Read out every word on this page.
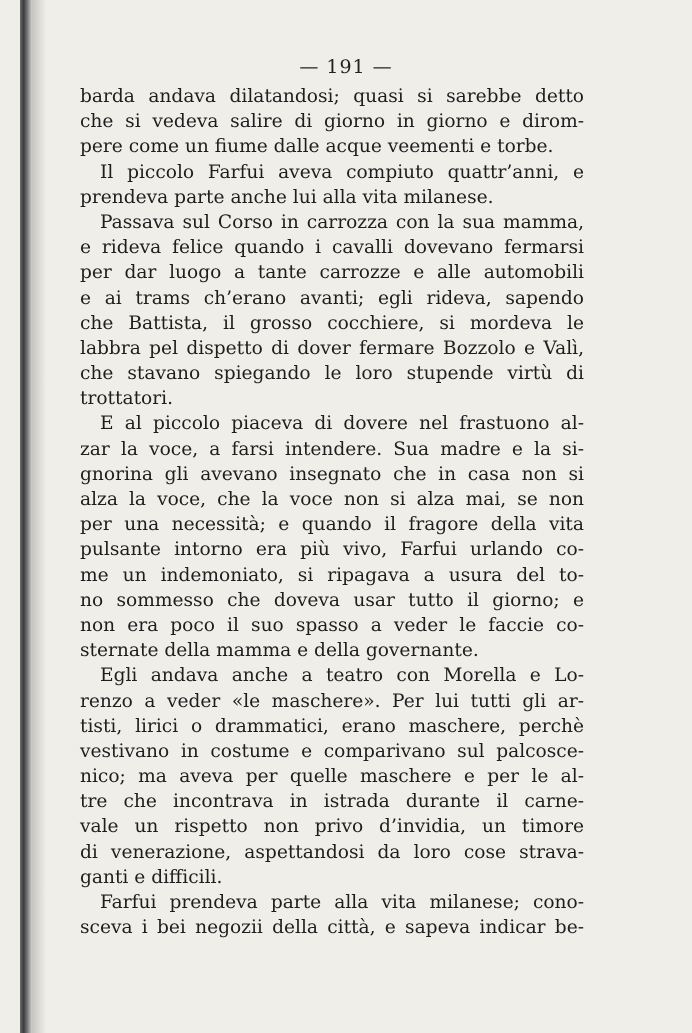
— 191 —
barda andava dilatandosi; quasi si sarebbe detto
che si vedeva salire di giorno in giorno e dirom-
pere come un fiume dalle acque veementi e torbe.
Il piccolo Farfui aveva compiuto quattr’anni, e
prendeva parte anche lui alla vita milanese.
Passava sul Corso in carrozza con la sua mamma,
e rideva felice quando i cavalli dovevano fermarsi
per dar luogo a tante carrozze e alle automobili
e ai trams ch’erano avanti; egli rideva, sapendo
che Battista, il grosso cocchiere, si mordeva le
labbra pel dispetto di dover fermare Bozzolo e Valì,
che stavano spiegando le loro stupende virtù di
trottatori.
E al piccolo piaceva di dovere nel frastuono al-
zar la voce, a farsi intendere. Sua madre e la si-
gnorina gli avevano insegnato che in casa non si
alza la voce, che la voce non si alza mai, se non
per una necessità; e quando il fragore della vita
pulsante intorno era più vivo, Farfui urlando co-
me un indemoniato, si ripagava a usura del to-
no sommesso che doveva usar tutto il giorno; e
non era poco il suo spasso a veder le faccie co-
sternate della mamma e della governante.
Egli andava anche a teatro con Morella e Lo-
renzo a veder «le maschere». Per lui tutti gli ar-
tisti, lirici o drammatici, erano maschere, perchè
vestivano in costume e comparivano sul palcosce-
nico; ma aveva per quelle maschere e per le al-
tre che incontrava in istrada durante il carne-
vale un rispetto non privo d’invidia, un timore
di venerazione, aspettandosi da loro cose strava-
ganti e difficili.
Farfui prendeva parte alla vita milanese; cono-
sceva i bei negozii della città, e sapeva indicar be-
